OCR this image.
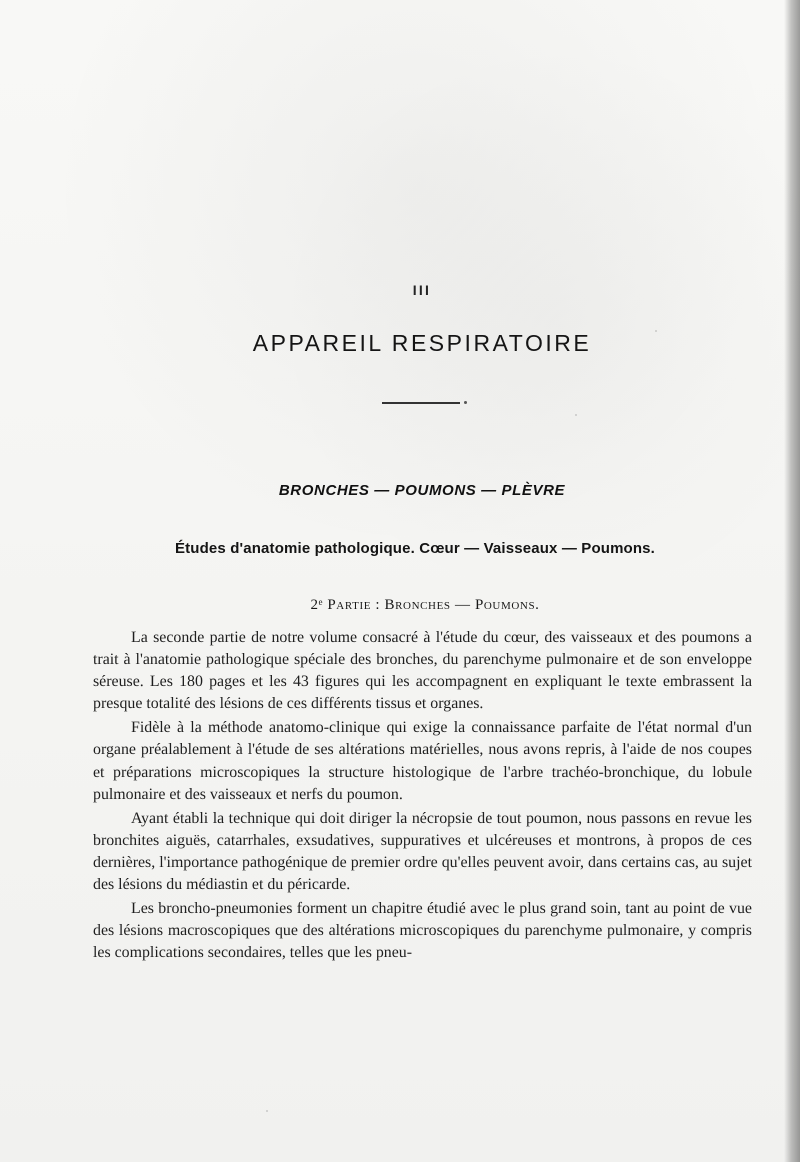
III
APPAREIL RESPIRATOIRE
BRONCHES — POUMONS — PLÈVRE
Études d'anatomie pathologique. Cœur — Vaisseaux — Poumons.
2ᵉ Partie : Bronches — Poumons.

La seconde partie de notre volume consacré à l'étude du cœur, des vaisseaux et des poumons a trait à l'anatomie pathologique spéciale des bronches, du parenchyme pulmonaire et de son enveloppe séreuse. Les 180 pages et les 43 figures qui les accompagnent en expliquant le texte embrassent la presque totalité des lésions de ces différents tissus et organes.

Fidèle à la méthode anatomo-clinique qui exige la connaissance parfaite de l'état normal d'un organe préalablement à l'étude de ses altérations matérielles, nous avons repris, à l'aide de nos coupes et préparations microscopiques la structure histologique de l'arbre trachéo-bronchique, du lobule pulmonaire et des vaisseaux et nerfs du poumon.

Ayant établi la technique qui doit diriger la nécropsie de tout poumon, nous passons en revue les bronchites aiguës, catarrhales, exsudatives, suppuratives et ulcéreuses et montrons, à propos de ces dernières, l'importance pathogénique de premier ordre qu'elles peuvent avoir, dans certains cas, au sujet des lésions du médiastin et du péricarde.

Les broncho-pneumonies forment un chapitre étudié avec le plus grand soin, tant au point de vue des lésions macroscopiques que des altérations microscopiques du parenchyme pulmonaire, y compris les complications secondaires, telles que les pneu-
